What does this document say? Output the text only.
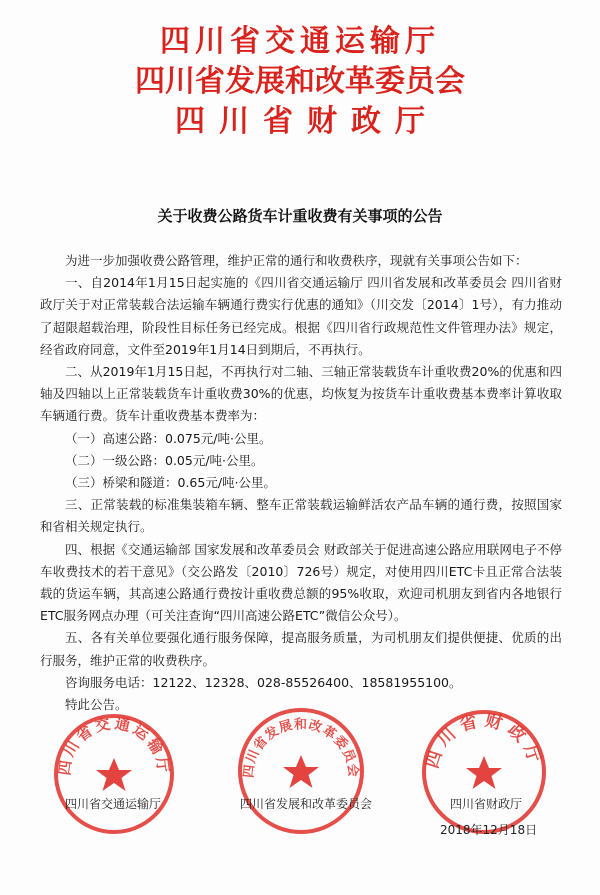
四川省交通运输厅
四川省发展和改革委员会
四川省财政厅
关于收费公路货车计重收费有关事项的公告

为进一步加强收费公路管理，维护正常的通行和收费秩序，现就有关事项公告如下：

一、自2014年1月15日起实施的《四川省交通运输厅 四川省发展和改革委员会 四川省财政厅关于对正常装载合法运输车辆通行费实行优惠的通知》（川交发〔2014〕1号），有力推动了超限超载治理，阶段性目标任务已经完成。根据《四川省行政规范性文件管理办法》规定，经省政府同意，文件至2019年1月14日到期后，不再执行。

二、从2019年1月15日起，不再执行对二轴、三轴正常装载货车计重收费20%的优惠和四轴及四轴以上正常装载货车计重收费30%的优惠，均恢复为按货车计重收费基本费率计算收取车辆通行费。货车计重收费基本费率为：

（一）高速公路：0.075元/吨·公里。

（二）一级公路：0.05元/吨·公里。

（三）桥梁和隧道：0.65元/吨·公里。

三、正常装载的标准集装箱车辆、整车正常装载运输鲜活农产品车辆的通行费，按照国家和省相关规定执行。

四、根据《交通运输部 国家发展和改革委员会 财政部关于促进高速公路应用联网电子不停车收费技术的若干意见》（交公路发〔2010〕726号）规定，对使用四川ETC卡且正常合法装载的货运车辆，其高速公路通行费按计重收费总额的95%收取，欢迎司机朋友到省内各地银行ETC服务网点办理（可关注查询“四川高速公路ETC”微信公众号）。

五、各有关单位要强化通行服务保障，提高服务质量，为司机朋友们提供便捷、优质的出行服务，维护正常的收费秩序。

咨询服务电话：12122、12328、028-85526400、18581955100。

特此公告。

四川省交通运输厅	四川省发展和改革委员会
四川省财政厅
四川省交通运输厅	四川省发展和改革委员会	四川省财政厅
2018年12月18日
